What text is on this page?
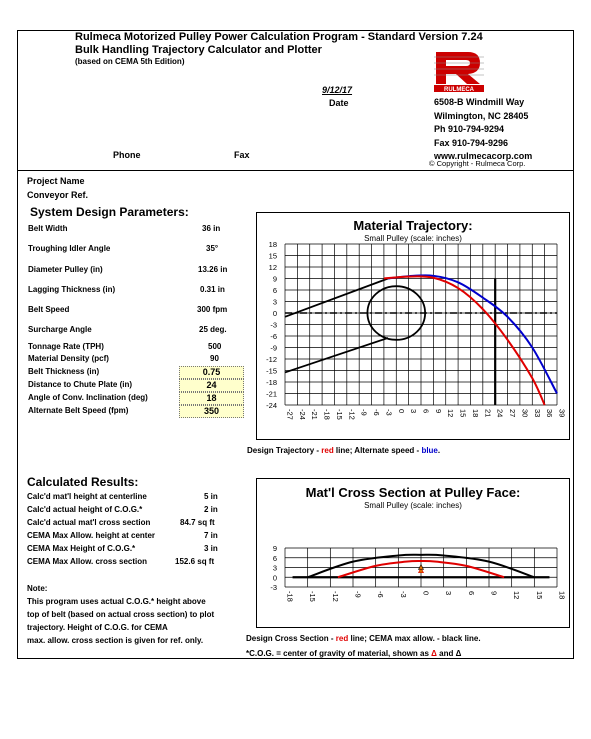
Rulmeca Motorized Pulley Power Calculation Program - Standard Version 7.24
Bulk Handling Trajectory Calculator and Plotter
(based on CEMA 5th Edition)
9/12/17
Date
RULMECA
6508-B Windmill Way
Wilmington, NC 28405
Ph 910-794-9294
Fax 910-794-9296
www.rulmecacorp.com
© Copyright - Rulmeca Corp.
Phone	Fax
Project Name
Conveyor Ref.
System Design Parameters:
Belt Width	36 in
Troughing Idler Angle	35°
Diameter Pulley (in)	13.26 in
Lagging Thickness (in)	0.31 in
Belt Speed	300 fpm
Surcharge Angle	25 deg.
Tonnage Rate (TPH)	500
Material Density (pcf)	90
Belt Thickness (in)	0.75
Distance to Chute Plate (in)	24
Angle of Conv. Inclination (deg)	18
Alternate Belt Speed (fpm)	350
Material Trajectory:
Small Pulley (scale: inches)
-27 -24 -21 -18 -15 -12 -9 -6 -3 0 3 6 9 12 15 18 21 24 27 30 33 36 39
18
15
12
9
6
3
0
-3
-6
-9
-12
-15
-18
-21
-24
Design Trajectory - red line; Alternate speed - blue.
Calculated Results:
Calc'd mat'l height at centerline	5 in
Calc'd actual height of C.O.G.*	2 in
Calc'd actual mat'l cross section	84.7 sq ft
CEMA Max Allow. height at center	7 in
CEMA Max Height of C.O.G.*	3 in
CEMA Max Allow. cross section	152.6 sq ft
Note:
This program uses actual C.O.G.* height above
top of belt (based on actual cross section) to plot
trajectory. Height of C.O.G. for CEMA
max. allow. cross section is given for ref. only.
Mat'l Cross Section at Pulley Face:
Small Pulley (scale: inches)
-18 -15 -12 -9 -6 -3 0 3 6 9 12 15 18
9
6
3
0
-3
Design Cross Section - red line; CEMA max allow. - black line.
*C.O.G. = center of gravity of material, shown as Δ and Δ
